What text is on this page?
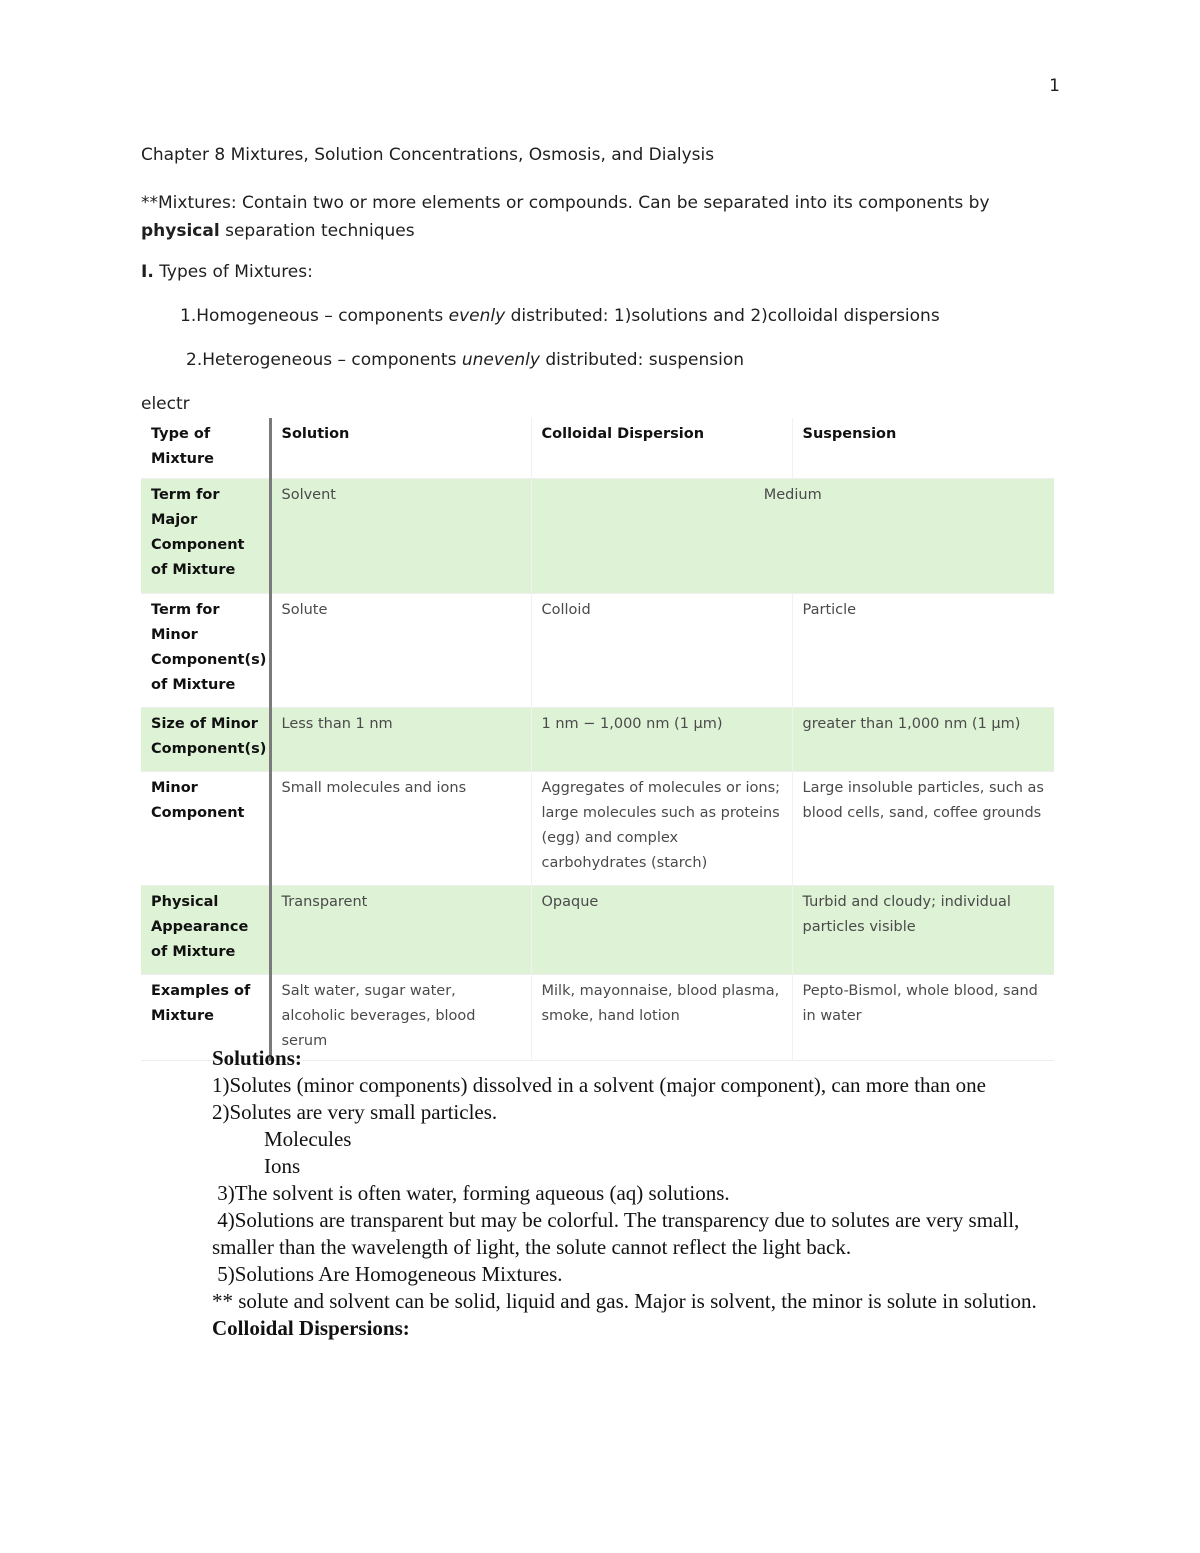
1
Chapter 8 Mixtures, Solution Concentrations, Osmosis, and Dialysis
**Mixtures: Contain two or more elements or compounds. Can be separated into its components by physical separation techniques
I. Types of Mixtures:
1.Homogeneous – components evenly distributed: 1)solutions and 2)colloidal dispersions
2.Heterogeneous – components unevenly distributed: suspension
electr
Type of Mixture	Solution	Colloidal Dispersion	Suspension
Term for Major Component of Mixture	Solvent	Medium	
Term for Minor Component(s) of Mixture	Solute	Colloid	Particle
Size of Minor Component(s)	Less than 1 nm	1 nm − 1,000 nm (1 μm)	greater than 1,000 nm (1 μm)
Minor Component	Small molecules and ions	Aggregates of molecules or ions; large molecules such as proteins (egg) and complex carbohydrates (starch)	Large insoluble particles, such as blood cells, sand, coffee grounds
Physical Appearance of Mixture	Transparent	Opaque	Turbid and cloudy; individual particles visible
Examples of Mixture	Salt water, sugar water, alcoholic beverages, blood serum	Milk, mayonnaise, blood plasma, smoke, hand lotion	Pepto-Bismol, whole blood, sand in water

Solutions:

1)Solutes (minor components) dissolved in a solvent (major component), can more than one

2)Solutes are very small particles.

Molecules

Ions

3)The solvent is often water, forming aqueous (aq) solutions.

4)Solutions are transparent but may be colorful. The transparency due to solutes are very small, smaller than the wavelength of light, the solute cannot reflect the light back.

5)Solutions Are Homogeneous Mixtures.

** solute and solvent can be solid, liquid and gas. Major is solvent, the minor is solute in solution.

Colloidal Dispersions:
